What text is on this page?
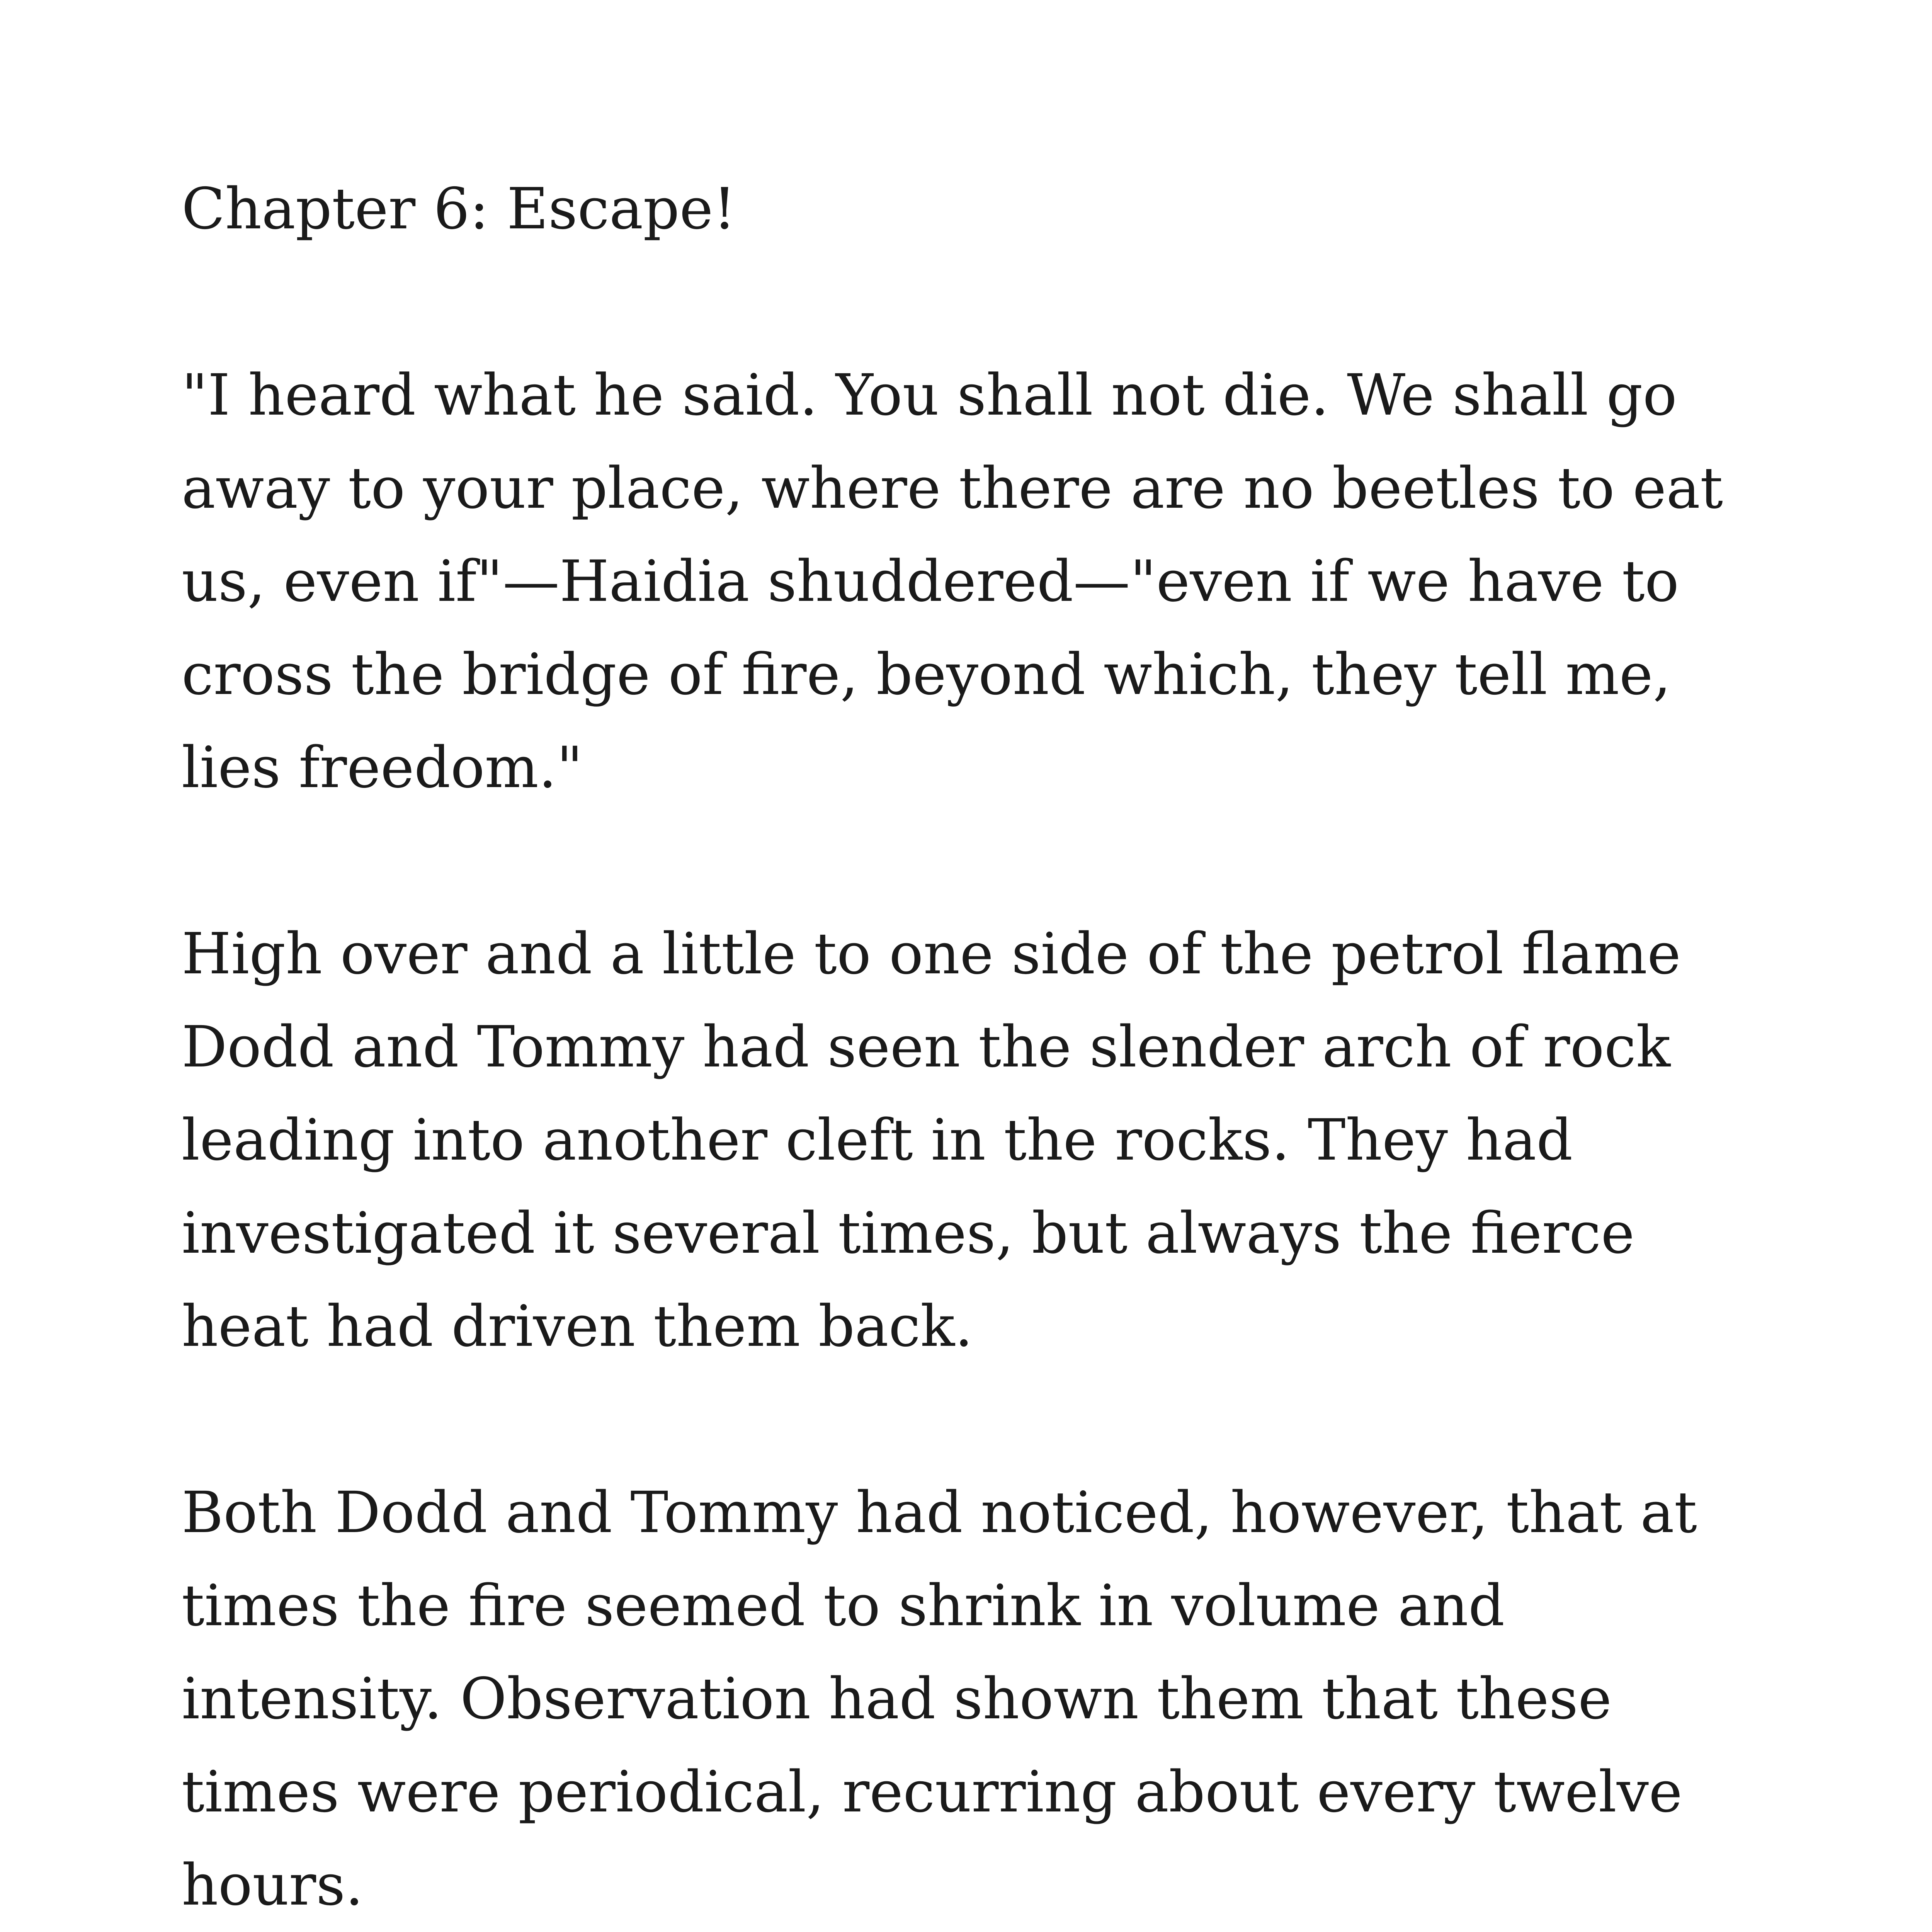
Chapter 6: Escape!

"I heard what he said. You shall not die. We shall go
away to your place, where there are no beetles to eat
us, even if"—Haidia shuddered—"even if we have to
cross the bridge of fire, beyond which, they tell me,
lies freedom."

High over and a little to one side of the petrol flame
Dodd and Tommy had seen the slender arch of rock
leading into another cleft in the rocks. They had
investigated it several times, but always the fierce
heat had driven them back.

Both Dodd and Tommy had noticed, however, that at
times the fire seemed to shrink in volume and
intensity. Observation had shown them that these
times were periodical, recurring about every twelve
hours.
